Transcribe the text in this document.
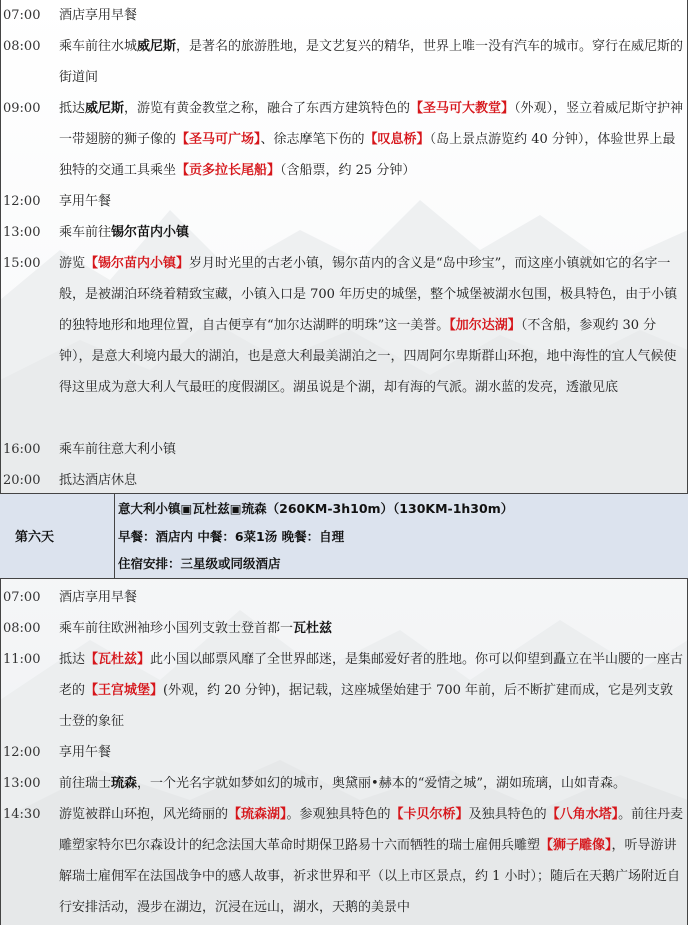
07:00	酒店享用早餐
08:00	乘车前往水城威尼斯，是著名的旅游胜地，是文艺复兴的精华，世界上唯一没有汽车的城市。穿行在威尼斯的街道间
09:00	抵达威尼斯，游览有黄金教堂之称，融合了东西方建筑特色的【圣马可大教堂】（外观），竖立着威尼斯守护神一带翅膀的狮子像的【圣马可广场】、徐志摩笔下伤的【叹息桥】（岛上景点游览约 40 分钟），体验世界上最独特的交通工具乘坐【贡多拉长尾船】（含船票，约 25 分钟）
12:00	享用午餐
13:00	乘车前往锡尔苗内小镇
15:00	游览【锡尔苗内小镇】岁月时光里的古老小镇，锡尔苗内的含义是“岛中珍宝”，而这座小镇就如它的名字一般，是被湖泊环绕着精致宝藏，小镇入口是 700 年历史的城堡，整个城堡被湖水包围，极具特色，由于小镇的独特地形和地理位置，自古便享有“加尔达湖畔的明珠”这一美誉。【加尔达湖】（不含船，参观约 30 分钟），是意大利境内最大的湖泊，也是意大利最美湖泊之一，四周阿尔卑斯群山环抱，地中海性的宜人气候使得这里成为意大利人气最旺的度假湖区。湖虽说是个湖，却有海的气派。湖水蓝的发亮，透澈见底
16:00	乘车前往意大利小镇
20:00	抵达酒店休息
第六天
意大利小镇▣瓦杜兹▣琉森（260KM-3h10m）（130KM-1h30m）
早餐：酒店内 中餐：6菜1汤 晚餐：自理
住宿安排：三星级或同级酒店
07:00	酒店享用早餐
08:00	乘车前往欧洲袖珍小国列支敦士登首都一瓦杜兹
11:00	抵达【瓦杜兹】此小国以邮票风靡了全世界邮迷，是集邮爱好者的胜地。你可以仰望到矗立在半山腰的一座古老的【王宫城堡】(外观，约 20 分钟)，据记载，这座城堡始建于 700 年前，后不断扩建而成，它是列支敦士登的象征
12:00	享用午餐
13:00	前往瑞士琉森，一个光名字就如梦如幻的城市，奥黛丽•赫本的“爱情之城”，湖如琉璃，山如青森。
14:30	游览被群山环抱，风光绮丽的【琉森湖】。参观独具特色的【卡贝尔桥】及独具特色的【八角水塔】。前往丹麦雕塑家特尔巴尔森设计的纪念法国大革命时期保卫路易十六而牺牲的瑞士雇佣兵雕塑【狮子雕像】，听导游讲解瑞士雇佣军在法国战争中的感人故事，祈求世界和平（以上市区景点，约 1 小时）；随后在天鹅广场附近自行安排活动，漫步在湖边，沉浸在远山，湖水，天鹅的美景中
